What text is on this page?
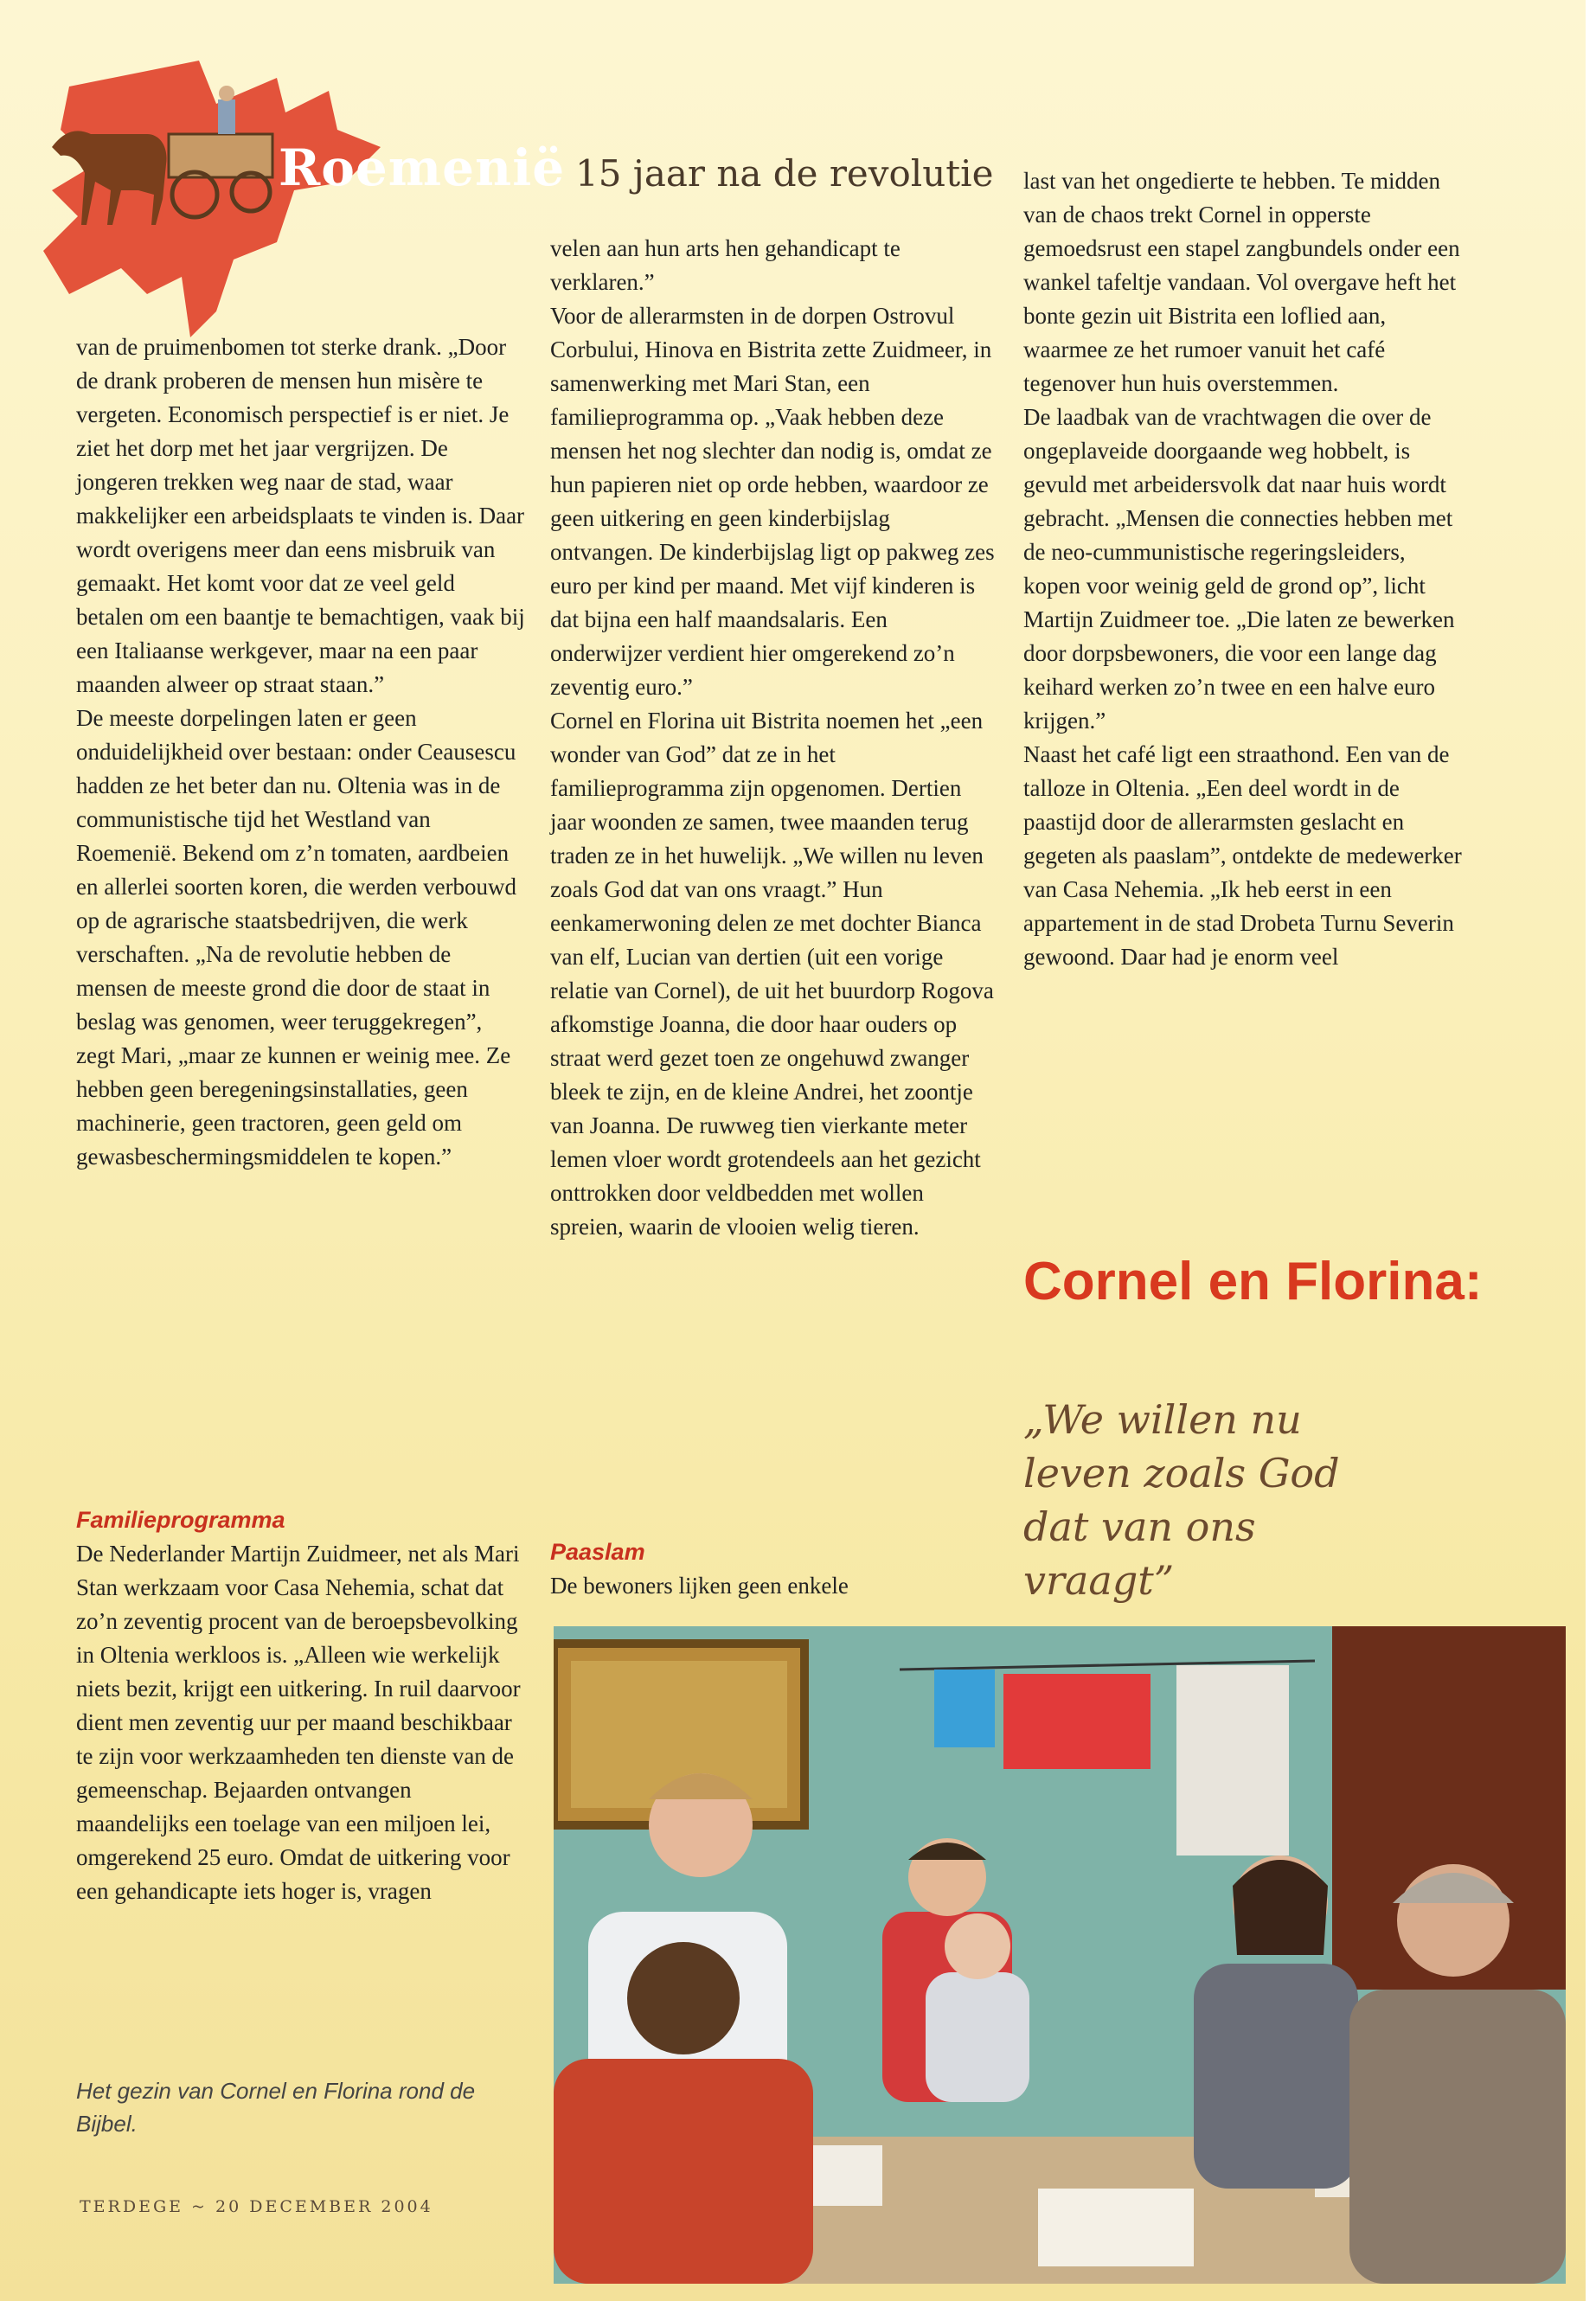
Roemenië 15 jaar na de revolutie

van de pruimenbomen tot sterke drank. „Door de drank proberen de mensen hun misère te vergeten. Economisch perspectief is er niet. Je ziet het dorp met het jaar vergrijzen. De jongeren trekken weg naar de stad, waar makkelijker een arbeidsplaats te vinden is. Daar wordt overigens meer dan eens misbruik van gemaakt. Het komt voor dat ze veel geld betalen om een baantje te bemachtigen, vaak bij een Italiaanse werkgever, maar na een paar maanden alweer op straat staan.”

De meeste dorpelingen laten er geen onduidelijkheid over bestaan: onder Ceausescu hadden ze het beter dan nu. Oltenia was in de communistische tijd het Westland van Roemenië. Bekend om z’n tomaten, aardbeien en allerlei soorten koren, die werden verbouwd op de agrarische staatsbedrijven, die werk verschaften. „Na de revolutie hebben de mensen de meeste grond die door de staat in beslag was genomen, weer teruggekregen”, zegt Mari, „maar ze kunnen er weinig mee. Ze hebben geen beregeningsinstallaties, geen machinerie, geen tractoren, geen geld om gewasbeschermingsmiddelen te kopen.”

Familieprogramma

De Nederlander Martijn Zuidmeer, net als Mari Stan werkzaam voor Casa Nehemia, schat dat zo’n zeventig procent van de beroepsbevolking in Oltenia werkloos is. „Alleen wie werkelijk niets bezit, krijgt een uitkering. In ruil daarvoor dient men zeventig uur per maand beschikbaar te zijn voor werkzaamheden ten dienste van de gemeenschap. Bejaarden ontvangen maandelijks een toelage van een miljoen lei, omgerekend 25 euro. Omdat de uitkering voor een gehandicapte iets hoger is, vragen

velen aan hun arts hen gehandicapt te verklaren.”

Voor de allerarmsten in de dorpen Ostrovul Corbului, Hinova en Bistrita zette Zuidmeer, in samenwerking met Mari Stan, een familieprogramma op. „Vaak hebben deze mensen het nog slechter dan nodig is, omdat ze hun papieren niet op orde hebben, waardoor ze geen uitkering en geen kinderbijslag ontvangen. De kinderbijslag ligt op pakweg zes euro per kind per maand. Met vijf kinderen is dat bijna een half maandsalaris. Een onderwijzer verdient hier omgerekend zo’n zeventig euro.”

Cornel en Florina uit Bistrita noemen het „een wonder van God” dat ze in het familieprogramma zijn opgenomen. Dertien jaar woonden ze samen, twee maanden terug traden ze in het huwelijk. „We willen nu leven zoals God dat van ons vraagt.” Hun eenkamerwoning delen ze met dochter Bianca van elf, Lucian van dertien (uit een vorige relatie van Cornel), de uit het buurdorp Rogova afkomstige Joanna, die door haar ouders op straat werd gezet toen ze ongehuwd zwanger bleek te zijn, en de kleine Andrei, het zoontje van Joanna. De ruwweg tien vierkante meter lemen vloer wordt grotendeels aan het gezicht onttrokken door veldbedden met wollen spreien, waarin de vlooien welig tieren.

Paaslam

De bewoners lijken geen enkele

last van het ongedierte te hebben. Te midden van de chaos trekt Cornel in opperste gemoedsrust een stapel zangbundels onder een wankel tafeltje vandaan. Vol overgave heft het bonte gezin uit Bistrita een loflied aan, waarmee ze het rumoer vanuit het café tegenover hun huis overstemmen.

De laadbak van de vrachtwagen die over de ongeplaveide doorgaande weg hobbelt, is gevuld met arbeidersvolk dat naar huis wordt gebracht. „Mensen die connecties hebben met de neo-cummunistische regeringsleiders, kopen voor weinig geld de grond op”, licht Martijn Zuidmeer toe. „Die laten ze bewerken door dorpsbewoners, die voor een lange dag keihard werken zo’n twee en een halve euro krijgen.”

Naast het café ligt een straathond. Een van de talloze in Oltenia. „Een deel wordt in de paastijd door de allerarmsten geslacht en gegeten als paaslam”, ontdekte de medewerker van Casa Nehemia. „Ik heb eerst in een appartement in de stad Drobeta Turnu Severin gewoond. Daar had je enorm veel

Cornel en Florina:
„We willen nu leven zoals God dat van ons vraagt”
Het gezin van Cornel en Florina rond de Bijbel.
TERDEGE ~ 20 DECEMBER 2004
